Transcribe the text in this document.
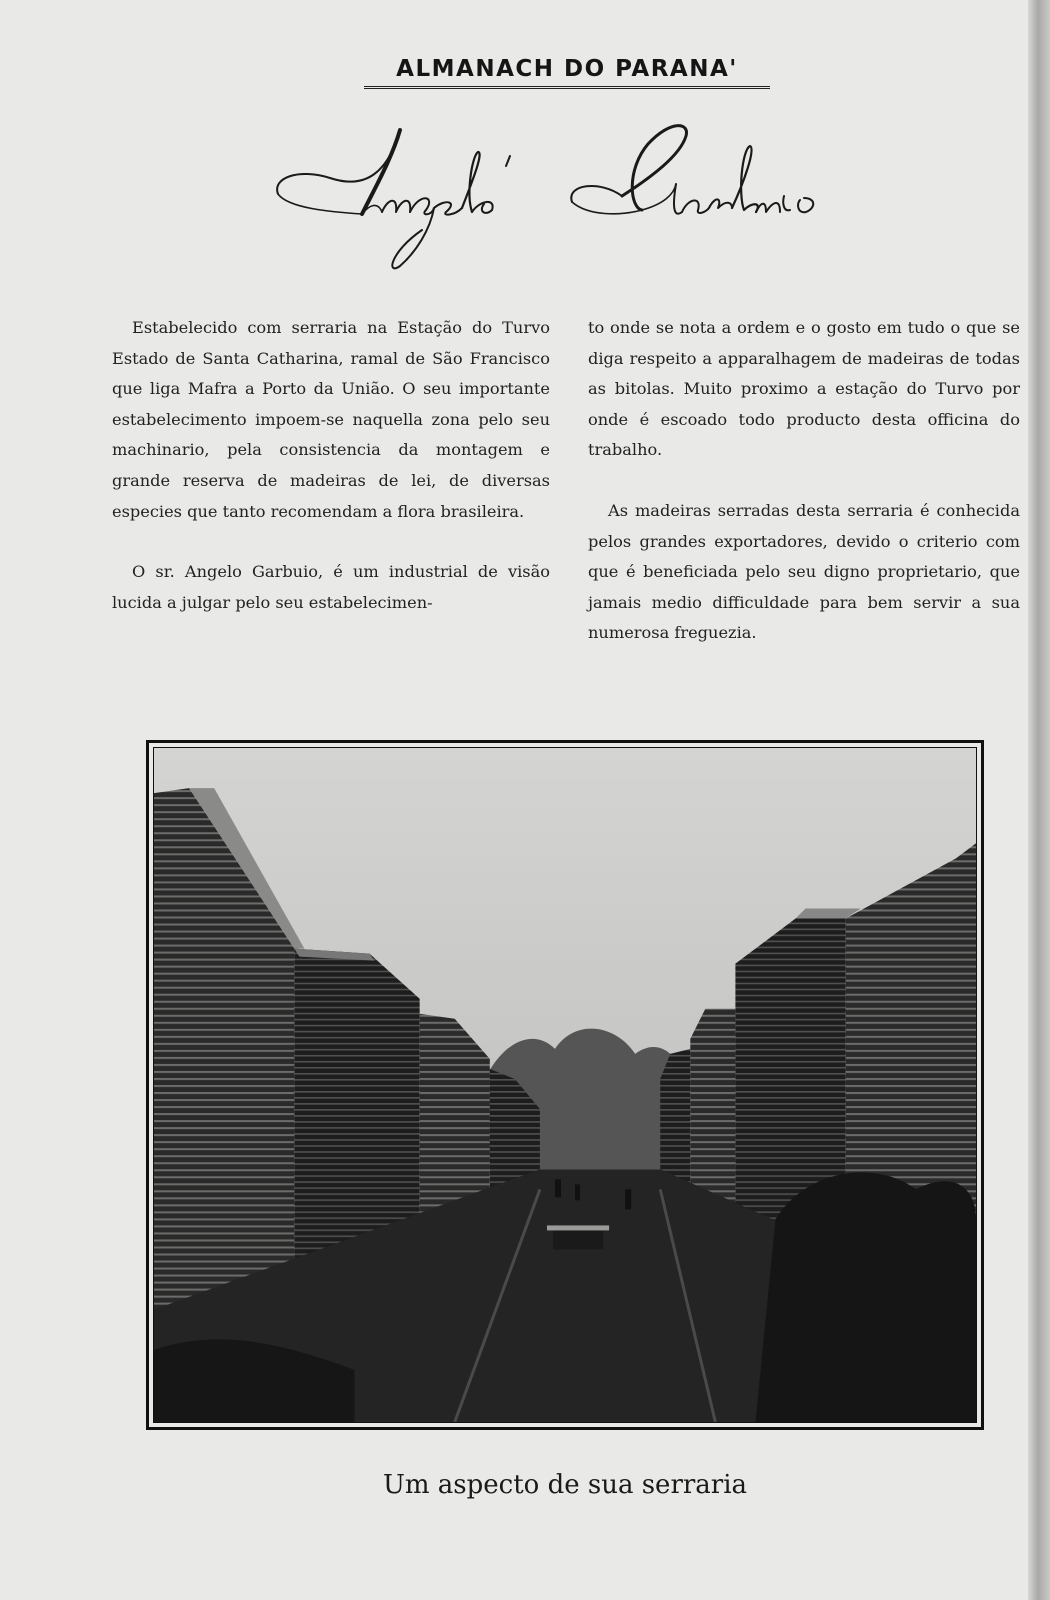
ALMANACH DO PARANA'
Angelo Garbuio

Estabelecido com serraria na Estação do Turvo Estado de Santa Catharina, ramal de São Francisco que liga Mafra a Porto da União. O seu importante estabelecimento impoem-se naquella zona pelo seu machinario, pela consistencia da montagem e grande reserva de madeiras de lei, de diversas especies que tanto recomendam a flora brasileira.

O sr. Angelo Garbuio, é um industrial de visão lucida a julgar pelo seu estabelecimen-

to onde se nota a ordem e o gosto em tudo o que se diga respeito a apparalhagem de madeiras de todas as bitolas. Muito proximo a estação do Turvo por onde é escoado todo producto desta officina do trabalho.

As madeiras serradas desta serraria é conhecida pelos grandes exportadores, devido o criterio com que é beneficiada pelo seu digno proprietario, que jamais medio difficuldade para bem servir a sua numerosa freguezia.

Um aspecto de sua serraria
